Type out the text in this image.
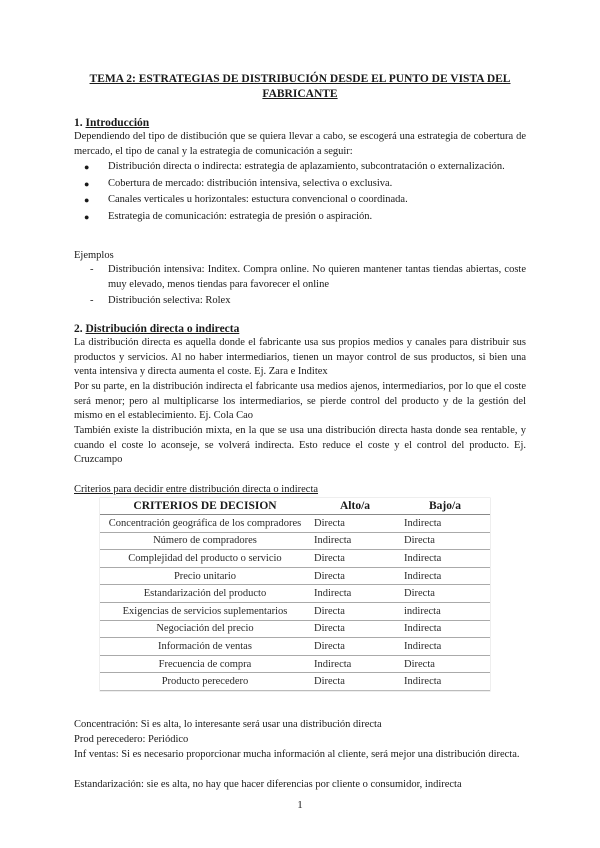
TEMA 2: ESTRATEGIAS DE DISTRIBUCIÓN DESDE EL PUNTO DE VISTA DEL
FABRICANTE
1. Introducción
Dependiendo del tipo de distibución que se quiera llevar a cabo, se escogerá una estrategia de cobertura de mercado, el tipo de canal y la estrategia de comunicación a seguir:
● Distribución directa o indirecta: estrategia de aplazamiento, subcontratación o externalización.
● Cobertura de mercado: distribución intensiva, selectiva o exclusiva.
● Canales verticales u horizontales: estuctura convencional o coordinada.
● Estrategia de comunicación: estrategia de presión o aspiración.
Ejemplos
- Distribución intensiva: Inditex. Compra online. No quieren mantener tantas tiendas abiertas, coste muy elevado, menos tiendas para favorecer el online
- Distribución selectiva: Rolex
2. Distribución directa o indirecta
La distribución directa es aquella donde el fabricante usa sus propios medios y canales para distribuir sus productos y servicios. Al no haber intermediarios, tienen un mayor control de sus productos, si bien una venta intensiva y directa aumenta el coste. Ej. Zara e Inditex
Por su parte, en la distribución indirecta el fabricante usa medios ajenos, intermediarios, por lo que el coste será menor; pero al multiplicarse los intermediarios, se pierde control del producto y de la gestión del mismo en el establecimiento. Ej. Cola Cao
También existe la distribución mixta, en la que se usa una distribución directa hasta donde sea rentable, y cuando el coste lo aconseje, se volverá indirecta. Esto reduce el coste y el control del producto. Ej. Cruzcampo
Criterios para decidir entre distribución directa o indirecta
CRITERIOS DE DECISION	Alto/a	Bajo/a
Concentración geográfica de los compradores	Directa	Indirecta
Número de compradores	Indirecta	Directa
Complejidad del producto o servicio	Directa	Indirecta
Precio unitario	Directa	Indirecta
Estandarización del producto	Indirecta	Directa
Exigencias de servicios suplementarios	Directa	indirecta
Negociación del precio	Directa	Indirecta
Información de ventas	Directa	Indirecta
Frecuencia de compra	Indirecta	Directa
Producto perecedero	Directa	Indirecta
Concentración: Si es alta, lo interesante será usar una distribución directa
Prod perecedero: Periódico
Inf ventas: Si es necesario proporcionar mucha información al cliente, será mejor una distribución directa.
Estandarización: sie es alta, no hay que hacer diferencias por cliente o consumidor, indirecta
1
